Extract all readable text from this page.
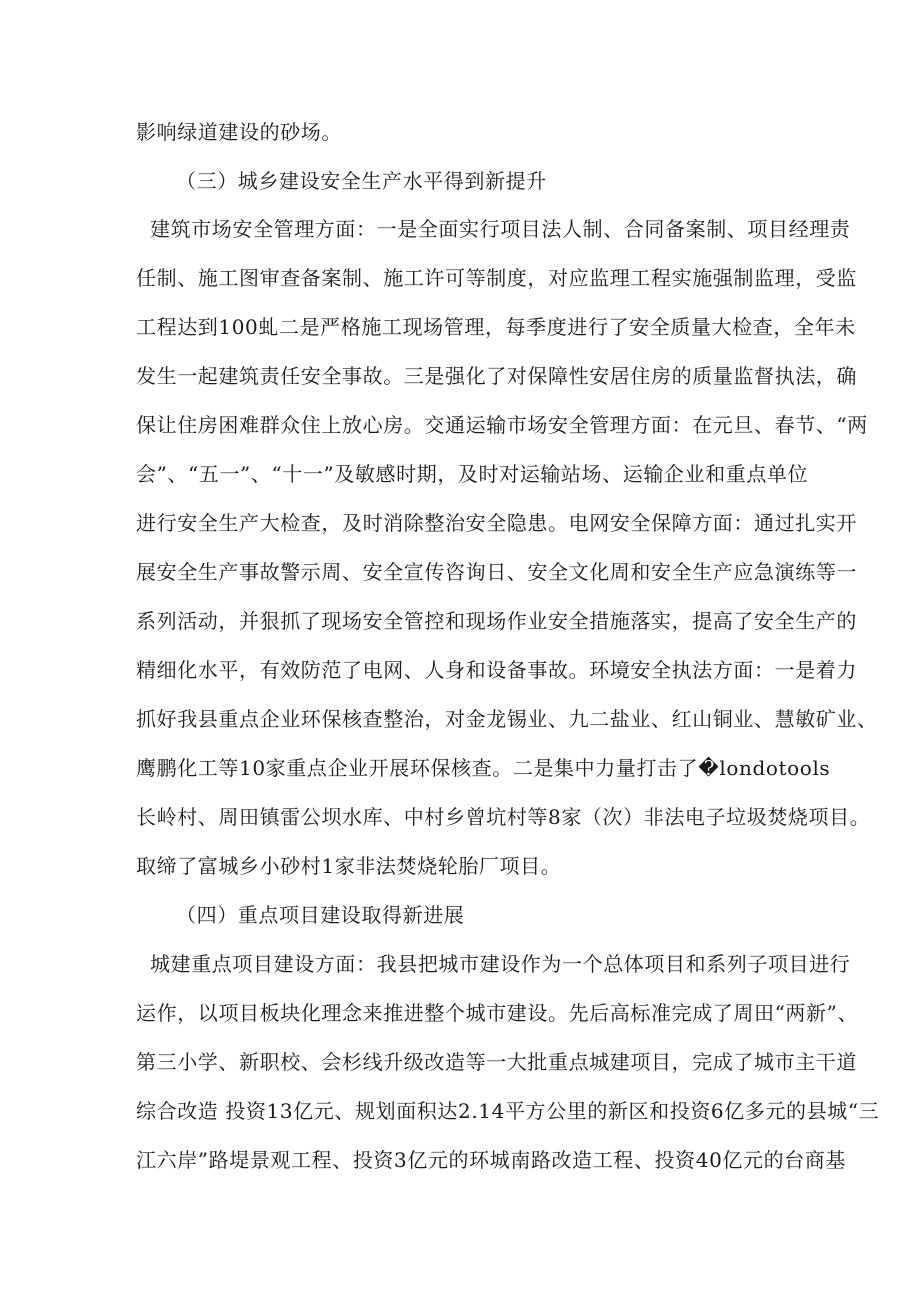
影响绿道建设的砂场。
（三）城乡建设安全生产水平得到新提升
建筑市场安全管理方面：一是全面实行项目法人制、合同备案制、项目经理责
任制、施工图审查备案制、施工许可等制度，对应监理工程实施强制监理，受监
工程达到100虬二是严格施工现场管理，每季度进行了安全质量大检查，全年未
发生一起建筑责任安全事故。三是强化了对保障性安居住房的质量监督执法，确
保让住房困难群众住上放心房。交通运输市场安全管理方面：在元旦、春节、“两
会”、“五一”、“十一”及敏感时期，及时对运输站场、运输企业和重点单位
进行安全生产大检查，及时消除整治安全隐患。电网安全保障方面：通过扎实开
展安全生产事故警示周、安全宣传咨询日、安全文化周和安全生产应急演练等一
系列活动，并狠抓了现场安全管控和现场作业安全措施落实，提高了安全生产的
精细化水平，有效防范了电网、人身和设备事故。环境安全执法方面：一是着力
抓好我县重点企业环保核查整治，对金龙锡业、九二盐业、红山铜业、慧敏矿业、
鹰鹏化工等10家重点企业开展环保核查。二是集中力量打击了�londotools
长岭村、周田镇雷公坝水库、中村乡曾坑村等8家（次）非法电子垃圾焚烧项目。
取缔了富城乡小砂村1家非法焚烧轮胎厂项目。
（四）重点项目建设取得新进展
城建重点项目建设方面：我县把城市建设作为一个总体项目和系列子项目进行
运作，以项目板块化理念来推进整个城市建设。先后高标准完成了周田“两新”、
第三小学、新职校、会杉线升级改造等一大批重点城建项目，完成了城市主干道
综合改造 投资13亿元、规划面积达2.14平方公里的新区和投资6亿多元的县城“三
江六岸”路堤景观工程、投资3亿元的环城南路改造工程、投资40亿元的台商基
